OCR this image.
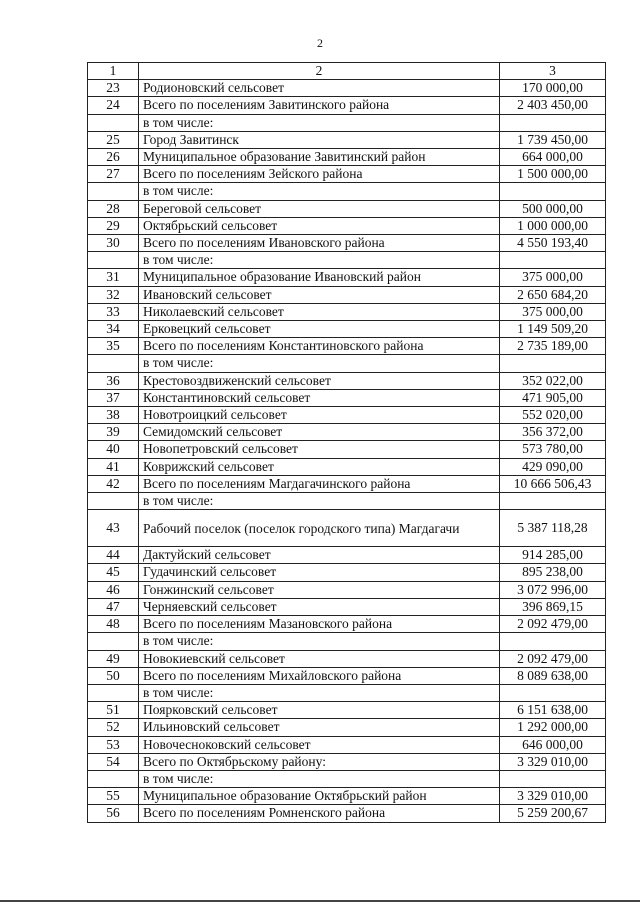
2
1	2	3
23	Родионовский сельсовет	170 000,00
24	Всего по поселениям Завитинского района	2 403 450,00
	в том числе:	
25	Город Завитинск	1 739 450,00
26	Муниципальное образование Завитинский район	664 000,00
27	Всего по поселениям Зейского района	1 500 000,00
	в том числе:	
28	Береговой сельсовет	500 000,00
29	Октябрьский сельсовет	1 000 000,00
30	Всего по поселениям Ивановского района	4 550 193,40
	в том числе:	
31	Муниципальное образование Ивановский район	375 000,00
32	Ивановский сельсовет	2 650 684,20
33	Николаевский сельсовет	375 000,00
34	Ерковецкий сельсовет	1 149 509,20
35	Всего по поселениям Константиновского района	2 735 189,00
	в том числе:	
36	Крестовоздвиженский сельсовет	352 022,00
37	Константиновский сельсовет	471 905,00
38	Новотроицкий сельсовет	552 020,00
39	Семидомский сельсовет	356 372,00
40	Новопетровский сельсовет	573 780,00
41	Коврижский сельсовет	429 090,00
42	Всего по поселениям Магдагачинского района	10 666 506,43
	в том числе:	
43	Рабочий поселок (поселок городского типа) Магдагачи	5 387 118,28
44	Дактуйский сельсовет	914 285,00
45	Гудачинский сельсовет	895 238,00
46	Гонжинский сельсовет	3 072 996,00
47	Черняевский сельсовет	396 869,15
48	Всего по поселениям Мазановского района	2 092 479,00
	в том числе:	
49	Новокиевский сельсовет	2 092 479,00
50	Всего по поселениям Михайловского района	8 089 638,00
	в том числе:	
51	Поярковский сельсовет	6 151 638,00
52	Ильиновский сельсовет	1 292 000,00
53	Новочесноковский сельсовет	646 000,00
54	Всего по Октябрьскому району:	3 329 010,00
	в том числе:	
55	Муниципальное образование Октябрьский район	3 329 010,00
56	Всего по поселениям Ромненского района	5 259 200,67
